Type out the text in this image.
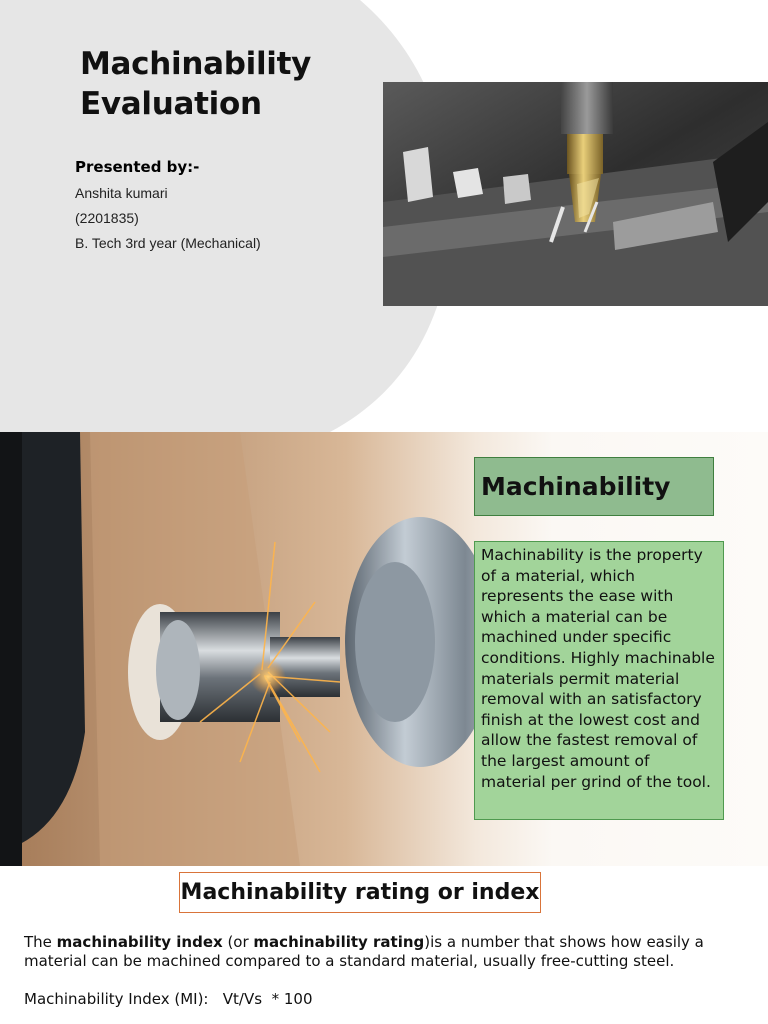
Machinability
Evaluation
Presented by:-
Anshita kumari
(2201835)
B. Tech 3rd year (Mechanical)
Machinability
Machinability is the property of a material, which represents the ease with which a material can be machined under specific conditions. Highly machinable materials permit material removal with an satisfactory finish at the lowest cost and allow the fastest removal of the largest amount of material per grind of the tool.
Machinability rating or index

The machinability index (or machinability rating)is a number that shows how easily a material can be machined compared to a standard material, usually free-cutting steel.

Machinability Index (MI):   Vt/Vs  * 100
